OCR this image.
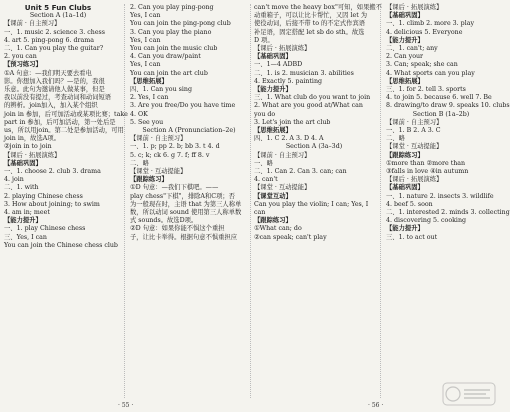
Unit 5 Fun Clubs
Section A (1a–1d)
【课前 · 自主预习】
一、1. music 2. science 3. chess
4. art 5. ping-pong 6. drama
二、1. Can you play the guitar?
2. you can
【预习练习】
①A 句意：—我们明天要去看电
影。你想加入我们吗？—是的，我很
乐意。此句为邀请他人做某事，但是
我以前没有提过，考查动词和动词短语
的辨析。join加入，加入某个组织
join in 参加，后可加活动或某项比赛；take
part in 参加，后可加活动，第一处后是
us，所以用join。第二处是参加活动，可用
join in，故选A项。
②join in to join
【课后 · 拓展演练】
【基础巩固】
一、1. choose 2. club 3. drama
4. join
二、1. with
2. playing Chinese chess
3. How about joining; to swim
4. am in; meet
【能力提升】
一、1. play Chinese chess
三、Yes, I can
You can join the Chinese chess club
2. Can you play ping-pong
Yes, I can
You can join the ping-pong club
3. Can you play the piano
Yes, I can
You can join the music club
4. Can you draw/paint
Yes, I can
You can join the art club
【思维拓展】
四、1. Can you sing
2. Yes, I can
3. Are you free/Do you have time
4. OK
5. See you
Section A (Pronunciation–2e)
【课前 · 自主预习】
一、1. p; pp 2. b; bb 3. t 4. d
5. c; k; ck 6. g 7. f; ff 8. v
二、略
【课堂 · 互动提能】
【跟踪练习】
①D 句意：—我们下棋吧。——
play chess"下棋"，排除A和C项；否
为一般现在时，主语 that 为第三人称单
数，所以动词 sound 使用第三人称单数
式 sounds。故选D项。
②D 句意：如果你能不惧这个重担
子，让比卡举得。根据句意不惧重担应
can't move the heavy box"可知，如果搬不
动重箱子，可以让比卡帮忙，又因 let 为
使役动词，后接不带 to 的不定式作宾语
补足语，固定搭配 let sb do sth。故选
D 项。
【课后 · 拓展演练】
【基础巩固】
一、1—4 ADBD
二、1. is 2. musician 3. abilities
4. Exactly 5. painting
【能力提升】
三、1. What club do you want to join
2. What are you good at/What can
you do
3. Let's join the art club
【思维拓展】
四、1. C 2. A 3. D 4. A
Section A (3a–3d)
【课前 · 自主预习】
一、略
二、1. Can 2. Can 3. can; can
4. can't
【课堂 · 互动提能】
【课堂互动】
Can you play the violin; I can; Yes, I
can
【跟踪练习】
①What can; do
②can speak; can't play
【课后 · 拓展演练】
【基础巩固】
一、1. climb 2. more 3. play
4. delicious 5. Everyone
【能力提升】
二、1. can't; any
2. Can your
3. Can; speak; she can
4. What sports can you play
【思维拓展】
三、1. for 2. tell 3. sports
4. to join 5. because 6. well 7. Be
8. drawing/to draw 9. speaks 10. clubs
Section B (1a–2b)
【课前 · 自主预习】
一、1. B 2. A 3. C
二、略
【课堂 · 互动提能】
【跟踪练习】
①more than ②more than
③falls in love ④in autumn
【课后 · 拓展演练】
【基础巩固】
一、1. nature 2. insects 3. wildlife
4. beef 5. soon
二、1. interested 2. minds 3. collecting
4. discovering 5. cooking
【能力提升】
三、1. to act out
· 55 ·	· 56 ·
